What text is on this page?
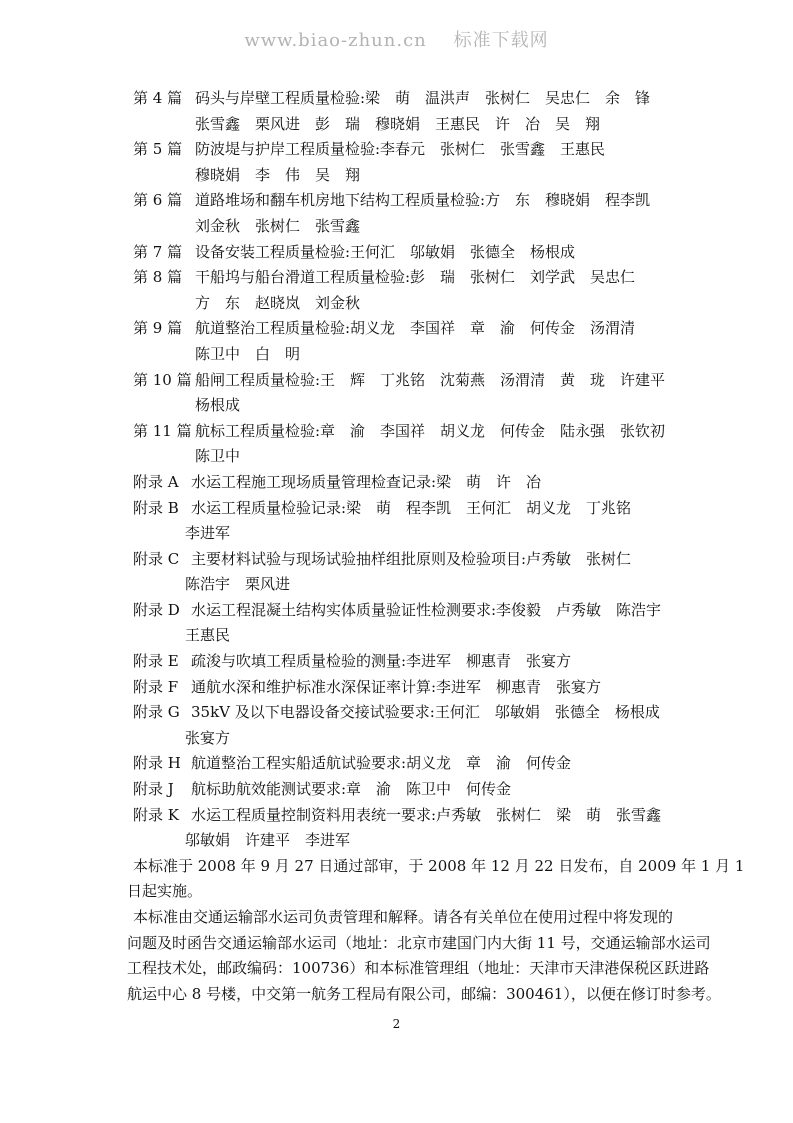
www.biao-zhun.cn    标准下载网
第 4 篇 码头与岸壁工程质量检验:梁　萌　温洪声　张树仁　吴忠仁　余　锋
张雪鑫　栗风进　彭　瑞　穆晓娟　王惠民　许　冶　吴　翔
第 5 篇 防波堤与护岸工程质量检验:李春元　张树仁　张雪鑫　王惠民
穆晓娟　李　伟　吴　翔
第 6 篇 道路堆场和翻车机房地下结构工程质量检验:方　东　穆晓娟　程李凯
刘金秋　张树仁　张雪鑫
第 7 篇 设备安装工程质量检验:王何汇　邬敏娟　张德全　杨根成
第 8 篇 干船坞与船台滑道工程质量检验:彭　瑞　张树仁　刘学武　吴忠仁
方　东　赵晓岚　刘金秋
第 9 篇 航道整治工程质量检验:胡义龙　李国祥　章　渝　何传金　汤渭清
陈卫中　白　明
第 10 篇 船闸工程质量检验:王　辉　丁兆铭　沈菊燕　汤渭清　黄　珑　许建平
杨根成
第 11 篇 航标工程质量检验:章　渝　李国祥　胡义龙　何传金　陆永强　张钦初
陈卫中
附录 A 水运工程施工现场质量管理检查记录:梁　萌　许　冶
附录 B 水运工程质量检验记录:梁　萌　程李凯　王何汇　胡义龙　丁兆铭
李进军
附录 C 主要材料试验与现场试验抽样组批原则及检验项目:卢秀敏　张树仁
陈浩宇　栗风进
附录 D 水运工程混凝土结构实体质量验证性检测要求:李俊毅　卢秀敏　陈浩宇
王惠民
附录 E 疏浚与吹填工程质量检验的测量:李进军　柳惠青　张宴方
附录 F 通航水深和维护标准水深保证率计算:李进军　柳惠青　张宴方
附录 G 35kV 及以下电器设备交接试验要求:王何汇　邬敏娟　张德全　杨根成
张宴方
附录 H 航道整治工程实船适航试验要求:胡义龙　章　渝　何传金
附录 J	航标助航效能测试要求:章　渝　陈卫中　何传金
附录 K 水运工程质量控制资料用表统一要求:卢秀敏　张树仁　梁　萌　张雪鑫
邬敏娟　许建平　李进军
本标准于 2008 年 9 月 27 日通过部审，于 2008 年 12 月 22 日发布，自 2009 年 1 月 1
日起实施。
本标准由交通运输部水运司负责管理和解释。请各有关单位在使用过程中将发现的
问题及时函告交通运输部水运司（地址：北京市建国门内大街 11 号，交通运输部水运司
工程技术处，邮政编码：100736）和本标准管理组（地址：天津市天津港保税区跃进路
航运中心 8 号楼，中交第一航务工程局有限公司，邮编：300461），以便在修订时参考。
2
